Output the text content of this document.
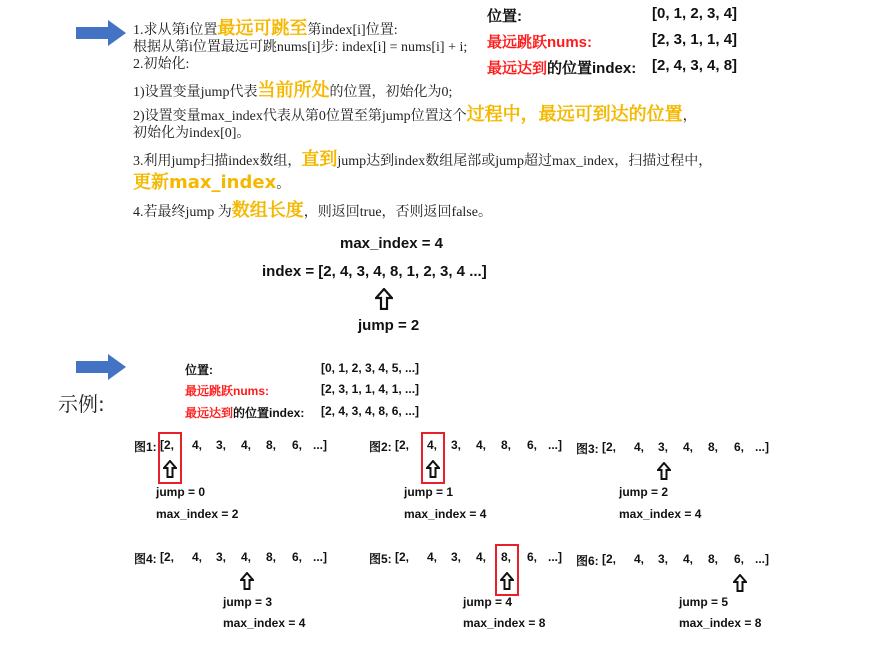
1.求从第i位置最远可跳至第index[i]位置:
根据从第i位置最远可跳nums[i]步: index[i] = nums[i] + i;
2.初始化:
1)设置变量jump代表当前所处的位置，初始化为0;
2)设置变量max_index代表从第0位置至第jump位置这个过程中，最远可到达的位置，
初始化为index[0]。
3.利用jump扫描index数组，直到jump达到index数组尾部或jump超过max_index，扫描过程中，
更新max_index。
4.若最终jump 为数组长度，则返回true，否则返回false。
位置:	[0, 1, 2, 3, 4]
最远跳跃nums:	[2, 3, 1, 1, 4]
最远达到的位置index: [2, 4, 3, 4, 8]
max_index = 4
index = [2, 4, 3, 4, 8, 1, 2, 3, 4 ...]
jump = 2
示例:
位置:	[0, 1, 2, 3, 4, 5, ...]
最远跳跃nums:	[2, 3, 1, 1, 4, 1, ...]
最远达到的位置index: [2, 4, 3, 4, 8, 6, ...]
图1: [2, 4, 3, 4, 8, 6, ...]
jump = 0
max_index = 2
图2: [2, 4, 3, 4, 8, 6, ...]
jump = 1
max_index = 4
图3: [2, 4, 3, 4, 8, 6, ...]
jump = 2
max_index = 4
图4: [2, 4, 3, 4, 8, 6, ...]
jump = 3
max_index = 4
图5: [2, 4, 3, 4, 8, 6, ...]
jump = 4
max_index = 8
图6: [2, 4, 3, 4, 8, 6, ...]
jump = 5
max_index = 8
